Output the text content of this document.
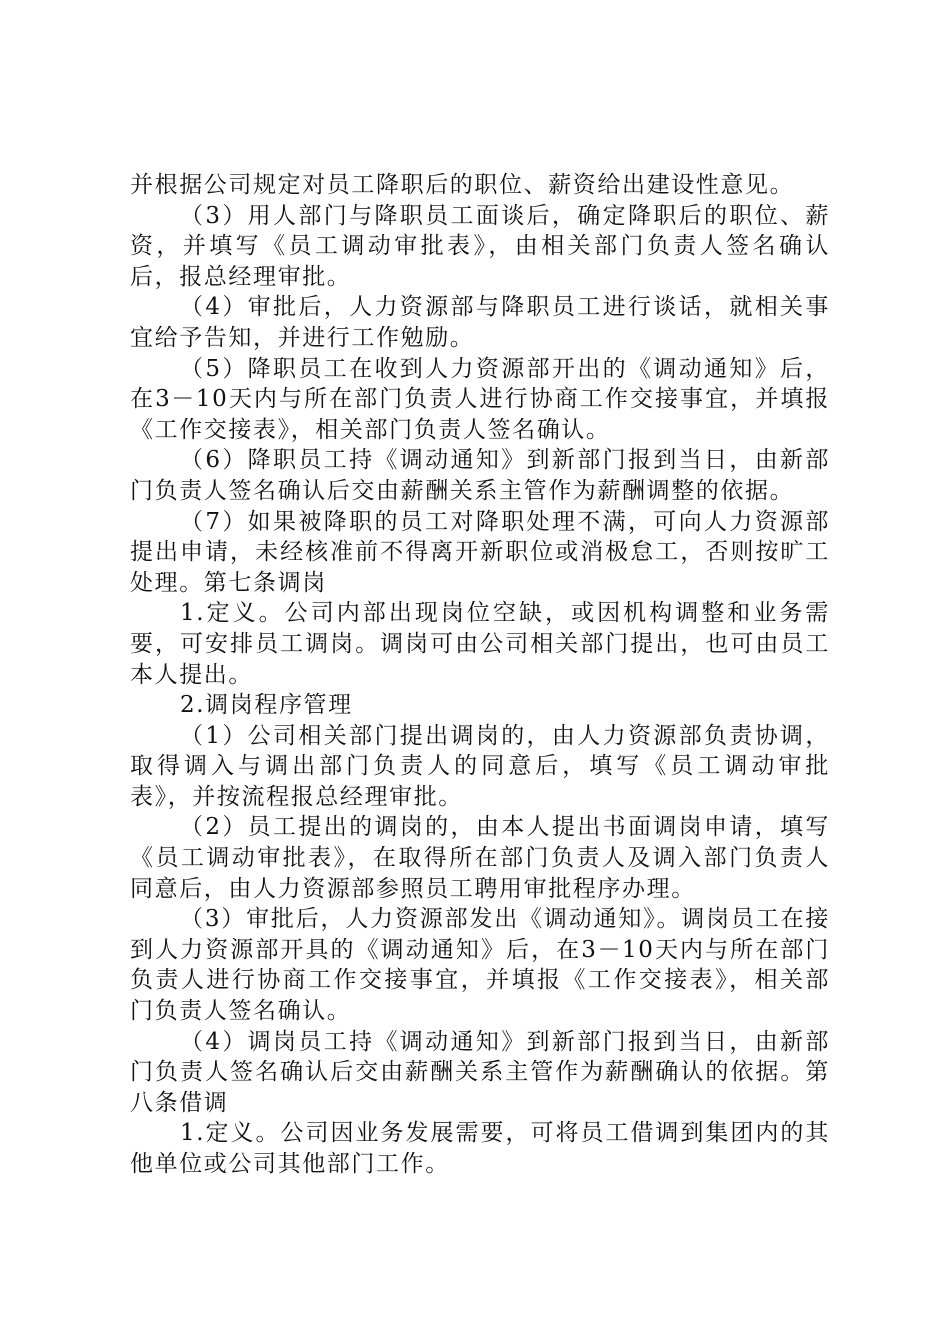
并根据公司规定对员工降职后的职位、薪资给出建设性意见。

（3）用人部门与降职员工面谈后，确定降职后的职位、薪资，并填写《员工调动审批表》，由相关部门负责人签名确认后，报总经理审批。

（4）审批后，人力资源部与降职员工进行谈话，就相关事宜给予告知，并进行工作勉励。

（5）降职员工在收到人力资源部开出的《调动通知》后，在3－10天内与所在部门负责人进行协商工作交接事宜，并填报《工作交接表》，相关部门负责人签名确认。

（6）降职员工持《调动通知》到新部门报到当日，由新部门负责人签名确认后交由薪酬关系主管作为薪酬调整的依据。

（7）如果被降职的员工对降职处理不满，可向人力资源部提出申请，未经核准前不得离开新职位或消极怠工，否则按旷工处理。第七条调岗

1.定义。公司内部出现岗位空缺，或因机构调整和业务需要，可安排员工调岗。调岗可由公司相关部门提出，也可由员工本人提出。

2.调岗程序管理

（1）公司相关部门提出调岗的，由人力资源部负责协调，取得调入与调出部门负责人的同意后，填写《员工调动审批表》，并按流程报总经理审批。

（2）员工提出的调岗的，由本人提出书面调岗申请，填写《员工调动审批表》，在取得所在部门负责人及调入部门负责人同意后，由人力资源部参照员工聘用审批程序办理。

（3）审批后，人力资源部发出《调动通知》。调岗员工在接到人力资源部开具的《调动通知》后，在3－10天内与所在部门负责人进行协商工作交接事宜，并填报《工作交接表》，相关部门负责人签名确认。

（4）调岗员工持《调动通知》到新部门报到当日，由新部门负责人签名确认后交由薪酬关系主管作为薪酬确认的依据。第八条借调

1.定义。公司因业务发展需要，可将员工借调到集团内的其他单位或公司其他部门工作。
